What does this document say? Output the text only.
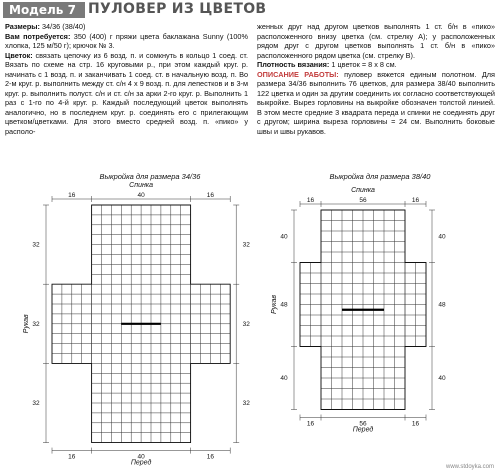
Модель 7 ПУЛОВЕР ИЗ ЦВЕТОВ

Размеры: 34/36 (38/40)

Вам потребуется: 350 (400) г пряжи цвета баклажана Sunny (100% хлопка, 125 м/50 г); крючок № 3.

Цветок: связать цепочку из 6 возд. п. и сомкнуть в кольцо 1 соед. ст. Вязать по схеме на стр. 16 круговыми р., при этом каждый круг. р. начинать с 1 возд. п. и заканчивать 1 соед. ст. в начальную возд. п. Во 2-м круг. р. выполнить между ст. с/н 4 х 9 возд. п. для лепестков и в 3-м круг. р. выполнить полуст. с/н и ст. с/н за арки 2-го круг. р. Выполнить 1 раз с 1-го по 4-й круг. р. Каждый последующий цветок выполнять аналогично, но в последнем круг. р. соединять его с прилегающим цветком/цветками. Для этого вместо средней возд. п. «пико» у располо-

женных друг над другом цветков выполнять 1 ст. б/н в «пико» расположенного внизу цветка (см. стрелку А); у расположенных рядом друг с другом цветков выполнять 1 ст. б/н в «пико» расположенного рядом цветка (см. стрелку В).

Плотность вязания: 1 цветок = 8 х 8 см.

ОПИСАНИЕ РАБОТЫ: пуловер вяжется единым полотном. Для размера 34/36 выполнить 76 цветков, для размера 38/40 выполнить 122 цветка и один за другим соединить их согласно соответствующей выкройке. Вырез горловины на выкройке обозначен толстой линией. В этом месте средние 3 квадрата переда и спинки не соединять друг с другом; ширина выреза горловины = 24 см. Выполнить боковые швы и швы рукавов.

Выкройка для размера 34/36	Выкройка для размера 38/40
Спинка
Перед
16	40	16
16	40	16
32
32
32
32
32
32
Рукав
Спинка
Перед
16	56	16
16	56	16
40
48
40
40
48
40
Рукав
www.stdoyka.com
